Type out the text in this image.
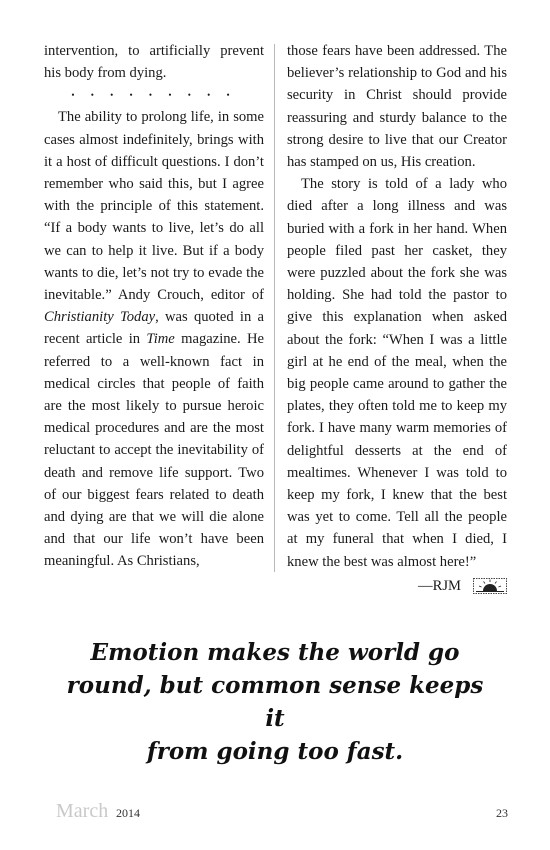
intervention, to artificially prevent his body from dying.

• • • • • • • • •

The ability to prolong life, in some cases almost indefinitely, brings with it a host of difficult questions. I don’t remember who said this, but I agree with the principle of this statement. “If a body wants to live, let’s do all we can to help it live. But if a body wants to die, let’s not try to evade the inevitable.” Andy Crouch, editor of Christianity Today, was quoted in a recent article in Time magazine. He referred to a well-known fact in medical circles that people of faith are the most likely to pursue heroic medical procedures and are the most reluctant to accept the inevitability of death and remove life support. Two of our biggest fears related to death and dying are that we will die alone and that our life won’t have been meaningful. As Christians,

those fears have been addressed. The believer’s relationship to God and his security in Christ should provide reassuring and sturdy balance to the strong desire to live that our Creator has stamped on us, His creation.

The story is told of a lady who died after a long illness and was buried with a fork in her hand. When people filed past her casket, they were puzzled about the fork she was holding. She had told the pastor to give this explanation when asked about the fork: “When I was a little girl at he end of the meal, when the big people came around to gather the plates, they often told me to keep my fork. I have many warm memories of delightful desserts at the end of mealtimes. Whenever I was told to keep my fork, I knew that the best was yet to come. Tell all the people at my funeral that when I died, I knew the best was almost here!”

—RJM
Emotion makes the world go
round, but common sense keeps it
from going too fast.
March 2014	23
